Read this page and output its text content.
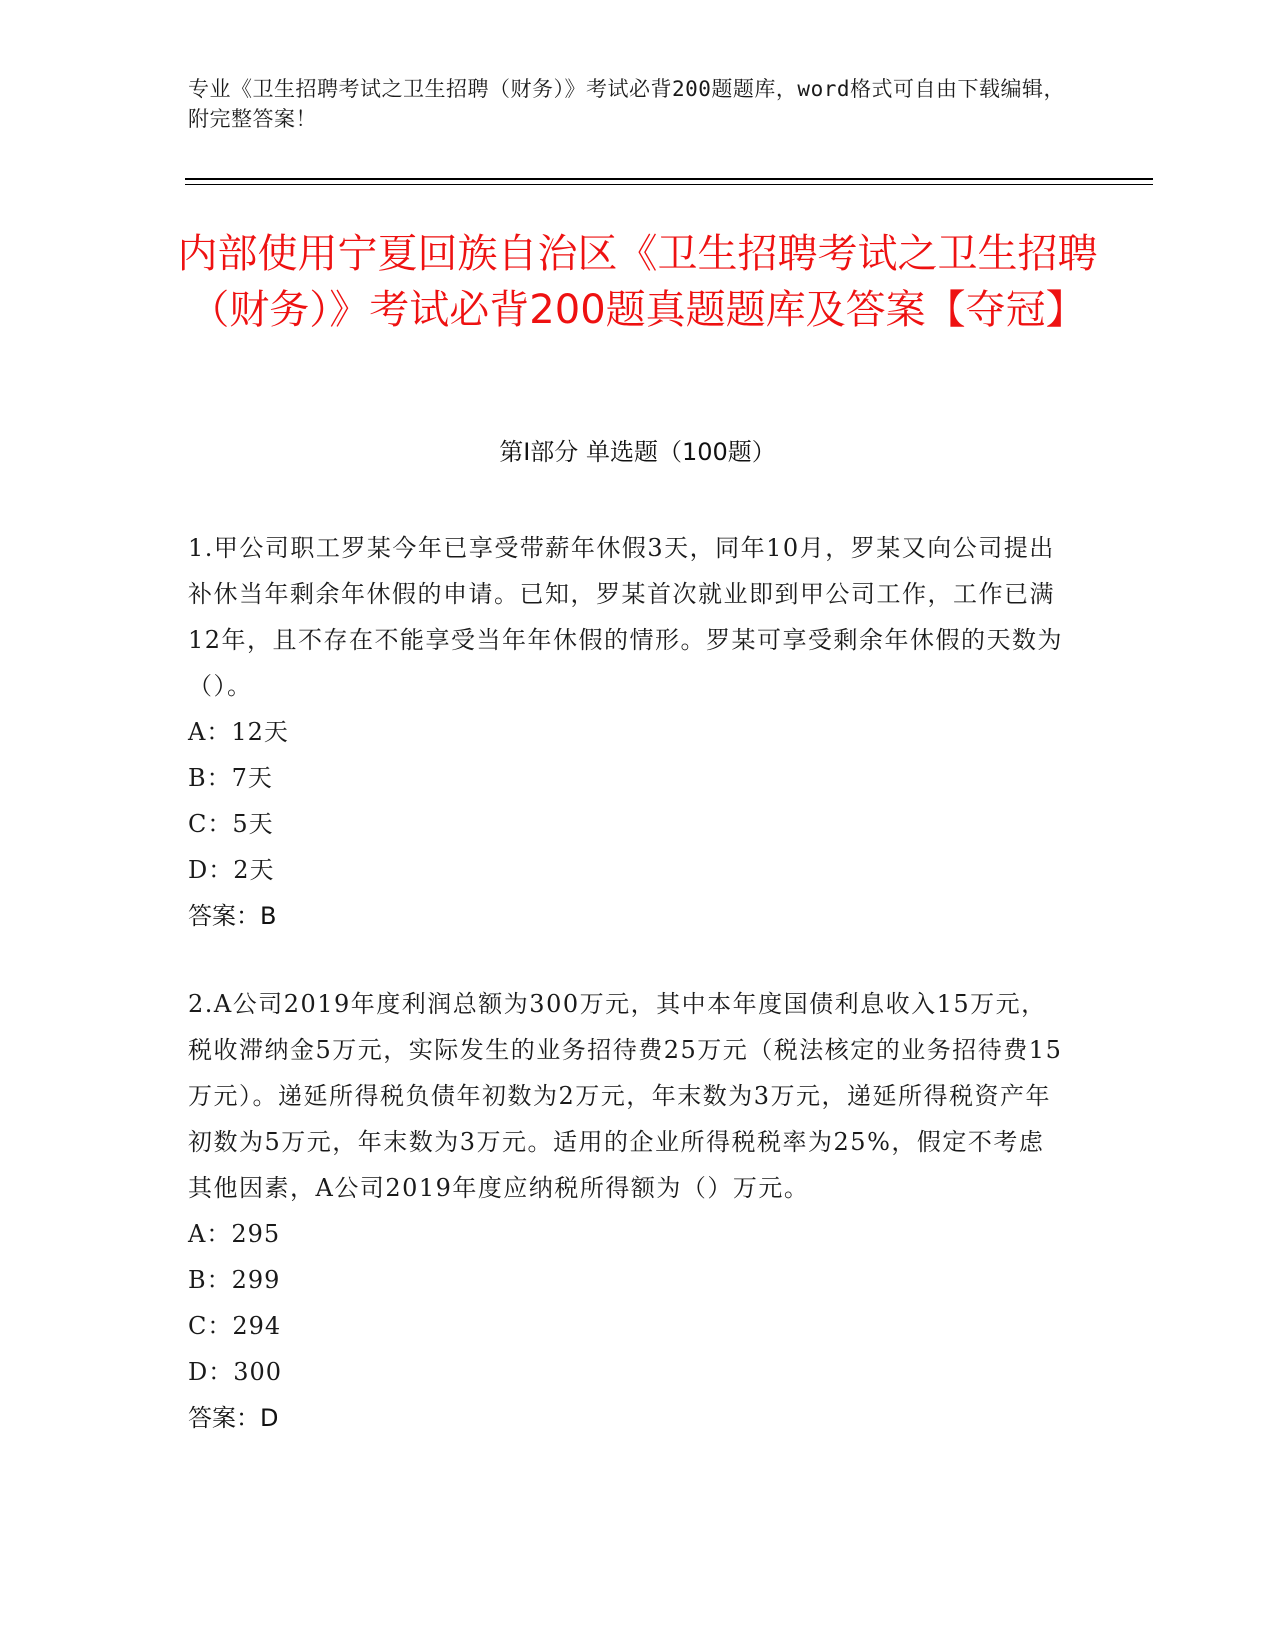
专业《卫生招聘考试之卫生招聘（财务）》考试必背200题题库，word格式可自由下载编辑，附完整答案！
内部使用宁夏回族自治区《卫生招聘考试之卫生招聘（财务）》考试必背200题真题题库及答案【夺冠】
第Ⅰ部分 单选题（100题）

1.甲公司职工罗某今年已享受带薪年休假3天，同年10月，罗某又向公司提出补休当年剩余年休假的申请。已知，罗某首次就业即到甲公司工作，工作已满12年，且不存在不能享受当年年休假的情形。罗某可享受剩余年休假的天数为（）。

A：12天

B：7天

C：5天

D：2天

答案：B

2.A公司2019年度利润总额为300万元，其中本年度国债利息收入15万元，税收滞纳金5万元，实际发生的业务招待费25万元（税法核定的业务招待费15万元）。递延所得税负债年初数为2万元，年末数为3万元，递延所得税资产年初数为5万元，年末数为3万元。适用的企业所得税税率为25%，假定不考虑其他因素，A公司2019年度应纳税所得额为（）万元。

A：295

B：299

C：294

D：300

答案：D
